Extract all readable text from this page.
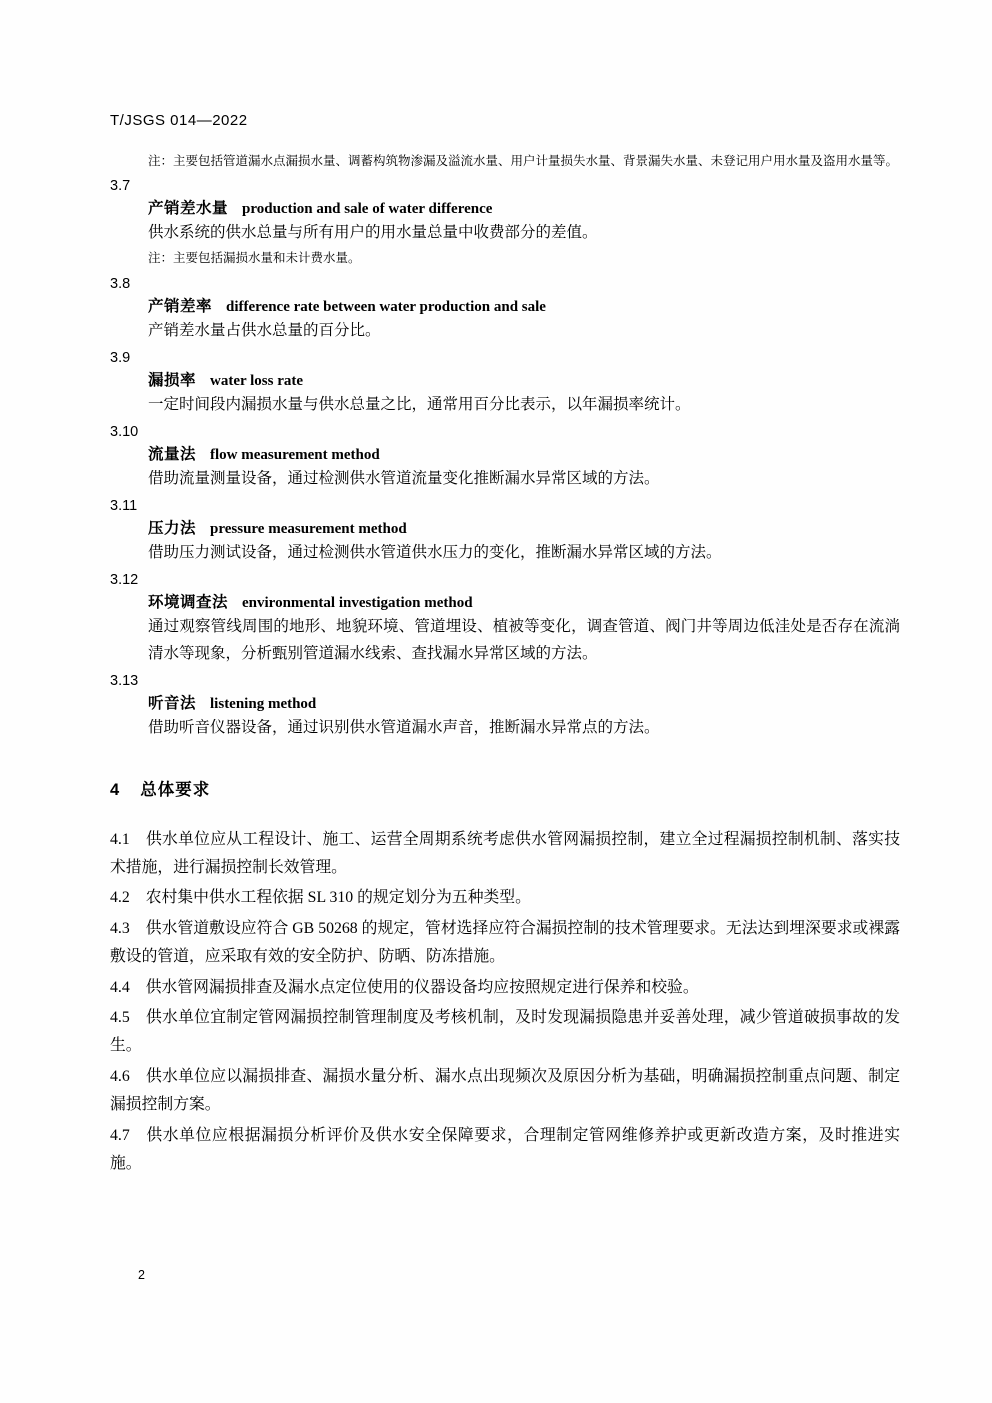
T/JSGS 014—2022
注：主要包括管道漏水点漏损水量、调蓄构筑物渗漏及溢流水量、用户计量损失水量、背景漏失水量、未登记用户用水量及盗用水量等。
3.7
产销差水量 production and sale of water difference
供水系统的供水总量与所有用户的用水量总量中收费部分的差值。
注：主要包括漏损水量和未计费水量。
3.8
产销差率 difference rate between water production and sale
产销差水量占供水总量的百分比。
3.9
漏损率 water loss rate
一定时间段内漏损水量与供水总量之比，通常用百分比表示，以年漏损率统计。
3.10
流量法 flow measurement method
借助流量测量设备，通过检测供水管道流量变化推断漏水异常区域的方法。
3.11
压力法 pressure measurement method
借助压力测试设备，通过检测供水管道供水压力的变化，推断漏水异常区域的方法。
3.12
环境调查法 environmental investigation method
通过观察管线周围的地形、地貌环境、管道埋设、植被等变化，调查管道、阀门井等周边低洼处是否存在流淌清水等现象，分析甄别管道漏水线索、查找漏水异常区域的方法。
3.13
听音法 listening method
借助听音仪器设备，通过识别供水管道漏水声音，推断漏水异常点的方法。
4 总体要求
4.1 供水单位应从工程设计、施工、运营全周期系统考虑供水管网漏损控制，建立全过程漏损控制机制、落实技术措施，进行漏损控制长效管理。
4.2 农村集中供水工程依据 SL 310 的规定划分为五种类型。
4.3 供水管道敷设应符合 GB 50268 的规定，管材选择应符合漏损控制的技术管理要求。无法达到埋深要求或裸露敷设的管道，应采取有效的安全防护、防晒、防冻措施。
4.4 供水管网漏损排查及漏水点定位使用的仪器设备均应按照规定进行保养和校验。
4.5 供水单位宜制定管网漏损控制管理制度及考核机制，及时发现漏损隐患并妥善处理，减少管道破损事故的发生。
4.6 供水单位应以漏损排查、漏损水量分析、漏水点出现频次及原因分析为基础，明确漏损控制重点问题、制定漏损控制方案。
4.7 供水单位应根据漏损分析评价及供水安全保障要求，合理制定管网维修养护或更新改造方案，及时推进实施。
2
